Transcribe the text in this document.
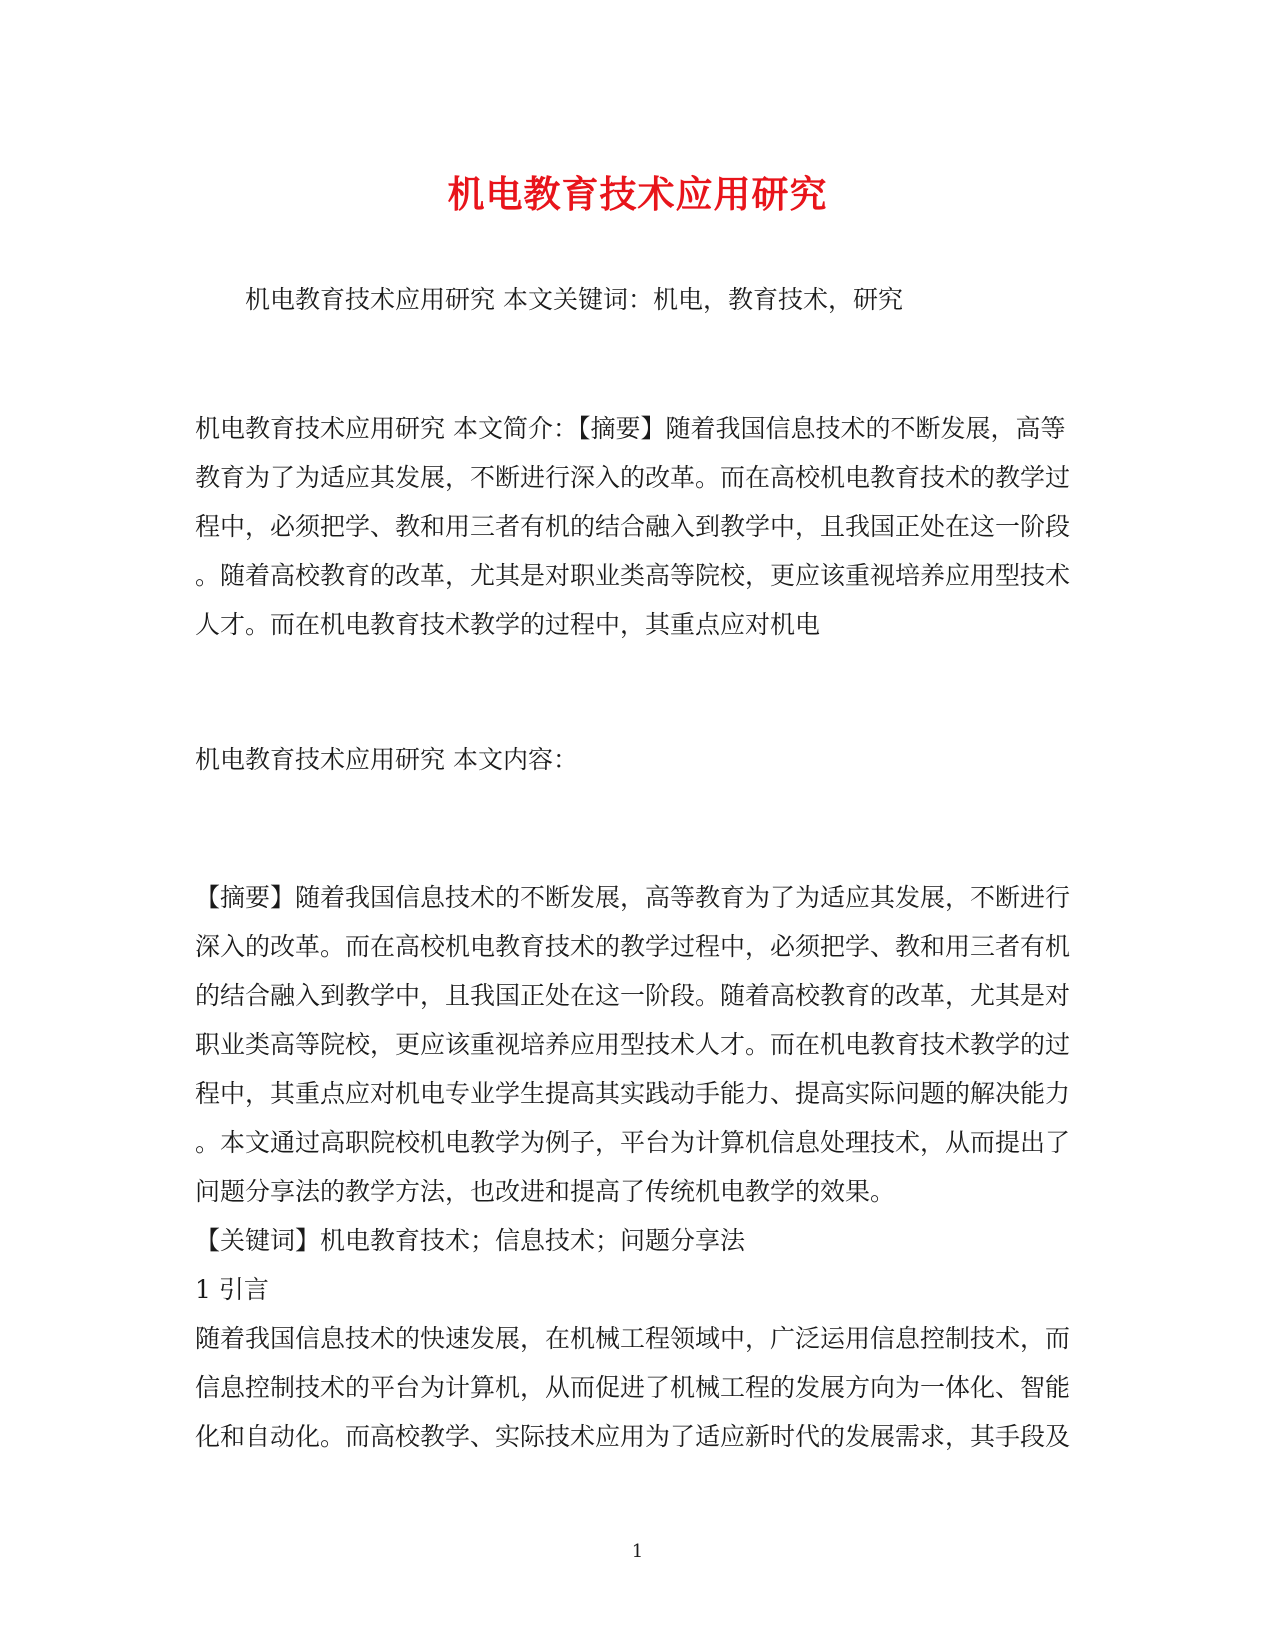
机电教育技术应用研究
机电教育技术应用研究 本文关键词：机电，教育技术，研究

机电教育技术应用研究 本文简介：【摘要】随着我国信息技术的不断发展，高等

教育为了为适应其发展，不断进行深入的改革。而在高校机电教育技术的教学过

程中，必须把学、教和用三者有机的结合融入到教学中，且我国正处在这一阶段

。随着高校教育的改革，尤其是对职业类高等院校，更应该重视培养应用型技术

人才。而在机电教育技术教学的过程中，其重点应对机电

机电教育技术应用研究 本文内容：

【摘要】随着我国信息技术的不断发展，高等教育为了为适应其发展，不断进行

深入的改革。而在高校机电教育技术的教学过程中，必须把学、教和用三者有机

的结合融入到教学中，且我国正处在这一阶段。随着高校教育的改革，尤其是对

职业类高等院校，更应该重视培养应用型技术人才。而在机电教育技术教学的过

程中，其重点应对机电专业学生提高其实践动手能力、提高实际问题的解决能力

。本文通过高职院校机电教学为例子，平台为计算机信息处理技术，从而提出了

问题分享法的教学方法，也改进和提高了传统机电教学的效果。

【关键词】机电教育技术；信息技术；问题分享法

1 引言

随着我国信息技术的快速发展，在机械工程领域中，广泛运用信息控制技术，而

信息控制技术的平台为计算机，从而促进了机械工程的发展方向为一体化、智能

化和自动化。而高校教学、实际技术应用为了适应新时代的发展需求，其手段及

1
